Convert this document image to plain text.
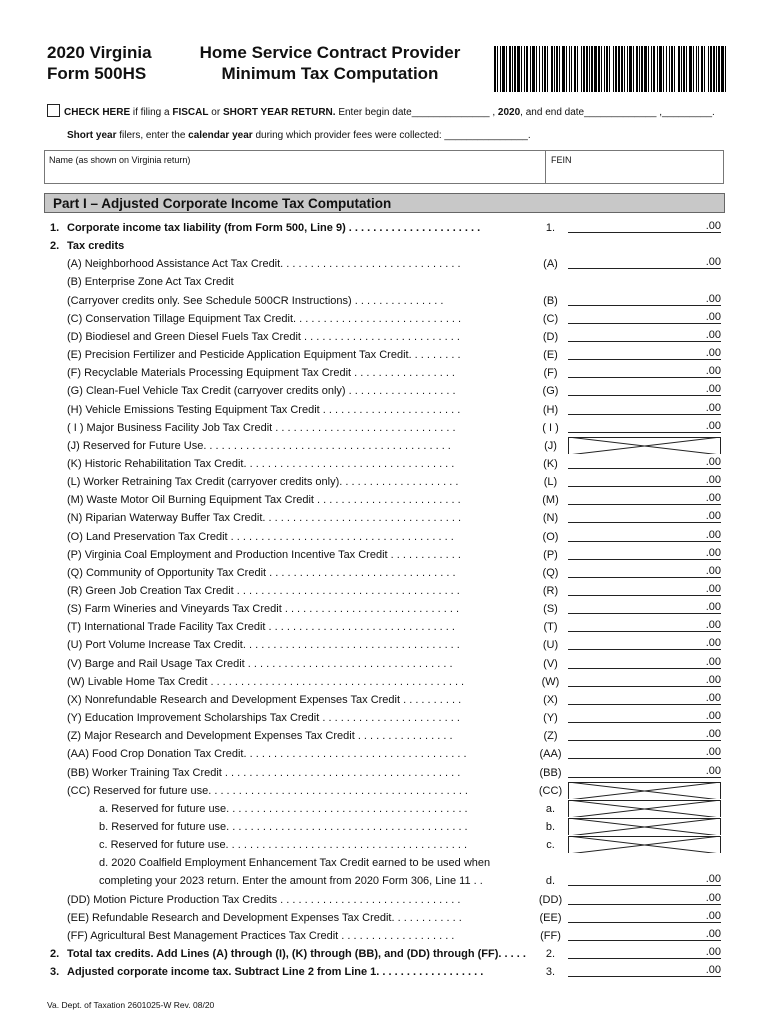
2020 Virginia
Form 500HS
Home Service Contract Provider
Minimum Tax Computation
CHECK HERE if filing a FISCAL or SHORT YEAR RETURN. Enter begin date______________ , 2020, and end date_____________ ,_________.
Short year filers, enter the calendar year during which provider fees were collected: _______________.
Name (as shown on Virginia return)	FEIN
Part I – Adjusted Corporate Income Tax Computation
1. Corporate income tax liability (from Form 500, Line 9) . . . . . . . . . . . . . . . . . . . . . .	1.	.00
2. Tax credits
(A) Neighborhood Assistance Act Tax Credit. . . . . . . . . . . . . . . . . . . . . . . . . . . . . .	(A)	.00
(B) Enterprise Zone Act Tax Credit
(Carryover credits only. See Schedule 500CR Instructions) . . . . . . . . . . . . . . .	(B)	.00
(C) Conservation Tillage Equipment Tax Credit. . . . . . . . . . . . . . . . . . . . . . . . . . . .	(C)	.00
(D) Biodiesel and Green Diesel Fuels Tax Credit . . . . . . . . . . . . . . . . . . . . . . . . . .	(D)	.00
(E) Precision Fertilizer and Pesticide Application Equipment Tax Credit. . . . . . . . .	(E)	.00
(F) Recyclable Materials Processing Equipment Tax Credit . . . . . . . . . . . . . . . . .	(F)	.00
(G) Clean-Fuel Vehicle Tax Credit (carryover credits only) . . . . . . . . . . . . . . . . . .	(G)	.00
(H) Vehicle Emissions Testing Equipment Tax Credit . . . . . . . . . . . . . . . . . . . . . . .	(H)	.00
( I ) Major Business Facility Job Tax Credit . . . . . . . . . . . . . . . . . . . . . . . . . . . . . .	( I )	.00
(J) Reserved for Future Use. . . . . . . . . . . . . . . . . . . . . . . . . . . . . . . . . . . . . . . . .	(J)
(K) Historic Rehabilitation Tax Credit. . . . . . . . . . . . . . . . . . . . . . . . . . . . . . . . . . .	(K)	.00
(L) Worker Retraining Tax Credit (carryover credits only). . . . . . . . . . . . . . . . . . . .	(L)	.00
(M) Waste Motor Oil Burning Equipment Tax Credit . . . . . . . . . . . . . . . . . . . . . . . .	(M)	.00
(N) Riparian Waterway Buffer Tax Credit. . . . . . . . . . . . . . . . . . . . . . . . . . . . . . . . .	(N)	.00
(O) Land Preservation Tax Credit . . . . . . . . . . . . . . . . . . . . . . . . . . . . . . . . . . . . .	(O)	.00
(P) Virginia Coal Employment and Production Incentive Tax Credit . . . . . . . . . . . .	(P)	.00
(Q) Community of Opportunity Tax Credit . . . . . . . . . . . . . . . . . . . . . . . . . . . . . . .	(Q)	.00
(R) Green Job Creation Tax Credit . . . . . . . . . . . . . . . . . . . . . . . . . . . . . . . . . . . . .	(R)	.00
(S) Farm Wineries and Vineyards Tax Credit . . . . . . . . . . . . . . . . . . . . . . . . . . . . .	(S)	.00
(T) International Trade Facility Tax Credit . . . . . . . . . . . . . . . . . . . . . . . . . . . . . . .	(T)	.00
(U) Port Volume Increase Tax Credit. . . . . . . . . . . . . . . . . . . . . . . . . . . . . . . . . . . .	(U)	.00
(V) Barge and Rail Usage Tax Credit . . . . . . . . . . . . . . . . . . . . . . . . . . . . . . . . . .	(V)	.00
(W) Livable Home Tax Credit . . . . . . . . . . . . . . . . . . . . . . . . . . . . . . . . . . . . . . . . . .	(W)	.00
(X) Nonrefundable Research and Development Expenses Tax Credit . . . . . . . . . .	(X)	.00
(Y) Education Improvement Scholarships Tax Credit . . . . . . . . . . . . . . . . . . . . . . .	(Y)	.00
(Z) Major Research and Development Expenses Tax Credit . . . . . . . . . . . . . . . .	(Z)	.00
(AA) Food Crop Donation Tax Credit. . . . . . . . . . . . . . . . . . . . . . . . . . . . . . . . . . . . .	(AA)	.00
(BB) Worker Training Tax Credit . . . . . . . . . . . . . . . . . . . . . . . . . . . . . . . . . . . . . . .	(BB)	.00
(CC) Reserved for future use. . . . . . . . . . . . . . . . . . . . . . . . . . . . . . . . . . . . . . . . . . .	(CC)
a. Reserved for future use. . . . . . . . . . . . . . . . . . . . . . . . . . . . . . . . . . . . . . . .	a.
b. Reserved for future use. . . . . . . . . . . . . . . . . . . . . . . . . . . . . . . . . . . . . . . .	b.
c. Reserved for future use. . . . . . . . . . . . . . . . . . . . . . . . . . . . . . . . . . . . . . . .	c.
d. 2020 Coalfield Employment Enhancement Tax Credit earned to be used when
completing your 2023 return. Enter the amount from 2020 Form 306, Line 11 . .	d.	.00
(DD) Motion Picture Production Tax Credits . . . . . . . . . . . . . . . . . . . . . . . . . . . . . .	(DD)	.00
(EE) Refundable Research and Development Expenses Tax Credit. . . . . . . . . . . .	(EE)	.00
(FF) Agricultural Best Management Practices Tax Credit . . . . . . . . . . . . . . . . . . .	(FF)	.00
2. Total tax credits. Add Lines (A) through (I), (K) through (BB), and (DD) through (FF). . . . .	2.	.00
3. Adjusted corporate income tax. Subtract Line 2 from Line 1. . . . . . . . . . . . . . . . . .	3.	.00
Va. Dept. of Taxation 2601025-W Rev. 08/20
